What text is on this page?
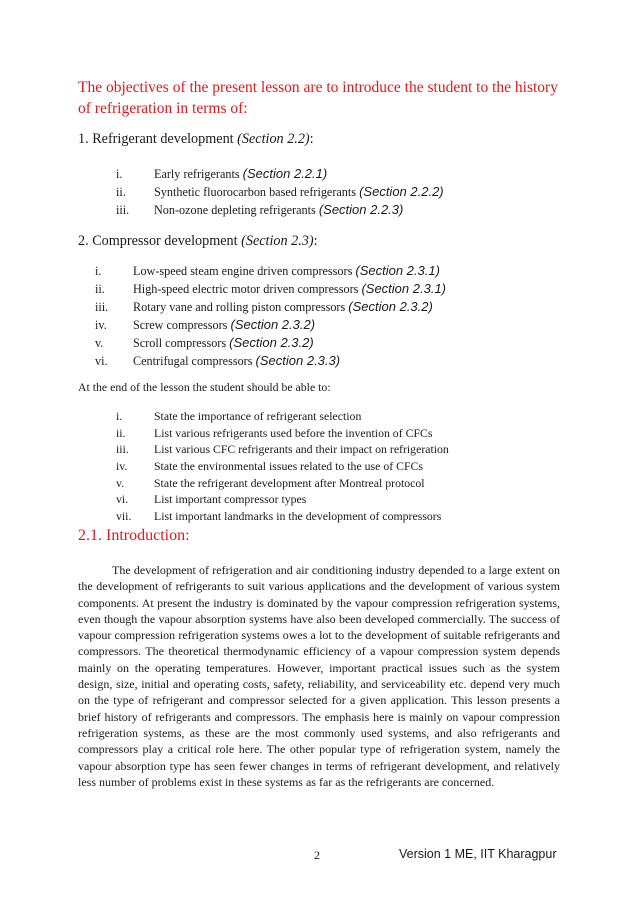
The objectives of the present lesson are to introduce the student to the history of refrigeration in terms of:

1. Refrigerant development (Section 2.2):

i.	Early refrigerants (Section 2.2.1)
ii. Synthetic fluorocarbon based refrigerants (Section 2.2.2)
iii. Non-ozone depleting refrigerants (Section 2.2.3)

2. Compressor development (Section 2.3):

i.	Low-speed steam engine driven compressors (Section 2.3.1)
ii. High-speed electric motor driven compressors (Section 2.3.1)
iii. Rotary vane and rolling piston compressors (Section 2.3.2)
iv. Screw compressors (Section 2.3.2)
v. Scroll compressors (Section 2.3.2)
vi. Centrifugal compressors (Section 2.3.3)

At the end of the lesson the student should be able to:

i.	State the importance of refrigerant selection
ii. List various refrigerants used before the invention of CFCs
iii. List various CFC refrigerants and their impact on refrigeration
iv. State the environmental issues related to the use of CFCs
v.	State the refrigerant development after Montreal protocol
vi. List important compressor types
vii. List important landmarks in the development of compressors
2.1. Introduction:

The development of refrigeration and air conditioning industry depended to a large extent on the development of refrigerants to suit various applications and the development of various system components. At present the industry is dominated by the vapour compression refrigeration systems, even though the vapour absorption systems have also been developed commercially. The success of vapour compression refrigeration systems owes a lot to the development of suitable refrigerants and compressors. The theoretical thermodynamic efficiency of a vapour compression system depends mainly on the operating temperatures. However, important practical issues such as the system design, size, initial and operating costs, safety, reliability, and serviceability etc. depend very much on the type of refrigerant and compressor selected for a given application. This lesson presents a brief history of refrigerants and compressors. The emphasis here is mainly on vapour compression refrigeration systems, as these are the most commonly used systems, and also refrigerants and compressors play a critical role here. The other popular type of refrigeration system, namely the vapour absorption type has seen fewer changes in terms of refrigerant development, and relatively less number of problems exist in these systems as far as the refrigerants are concerned.

2	Version 1 ME, IIT Kharagpur
